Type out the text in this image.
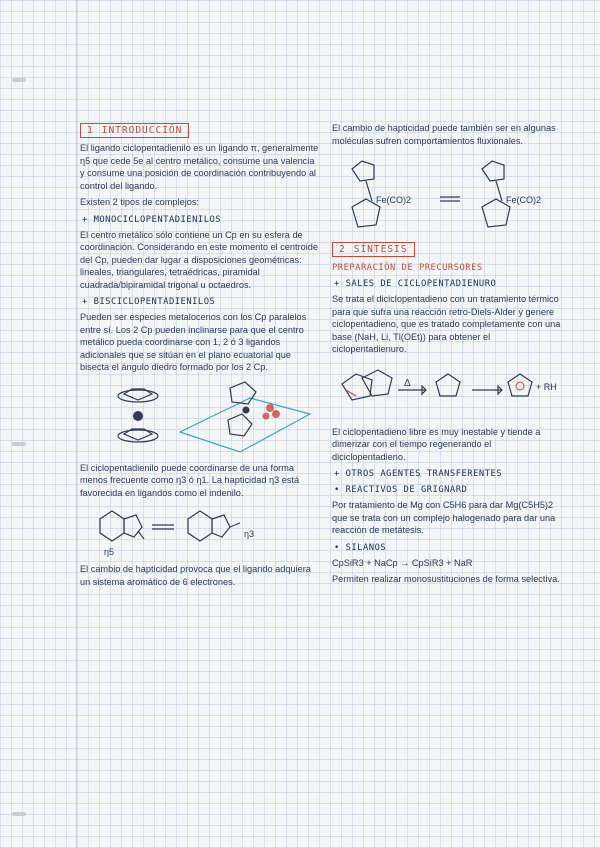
1 INTRODUCCIÓN
El ligando ciclopentadienilo es un ligando π, generalmente η5 que cede 5e al centro metálico, consume una valencia y consume una posición de coordinación contribuyendo al control del ligando.
Existen 2 tipos de complejos:
+ MONOCICLOPENTADIENILOS
El centro metálico sólo contiene un Cp en su esfera de coordinación. Considerando en este momento el centroide del Cp, pueden dar lugar a disposiciones geométricas: lineales, triangulares, tetraédricas, piramidal cuadrada/bipiramidal trigonal u octaedros.
+ BISCICLOPENTADIENILOS
Pueden ser especies metalocenos con los Cp paralelos entre sí. Los 2 Cp pueden inclinarse para que el centro metálico pueda coordinarse con 1, 2 ó 3 ligandos adicionales que se sitúan en el plano ecuatorial que bisecta el ángulo diedro formado por los 2 Cp.
El ciclopentadienilo puede coordinarse de una forma menos frecuente como η3 ó η1. La hapticidad η3 está favorecida en ligandos como el indenilo.
η5
η3
El cambio de hapticidad provoca que el ligando adquiera un sistema aromático de 6 electrones.
El cambio de hapticidad puede también ser en algunas moléculas sufren comportamientos fluxionales.
Fe(CO)2	Fe(CO)2
2 SÍNTESIS
PREPARACIÓN DE PRECURSORES
+ SALES DE CICLOPENTADIENURO
Se trata el diciclopentadieno con un tratamiento térmico para que sufra una reacción retro-Diels-Alder y genere ciclopentadieno, que es tratado completamente con una base (NaH, Li, Tl(OEt)) para obtener el ciclopentadienuro.
Δ	+ RH
El ciclopentadieno libre es muy inestable y tiende a dimerizar con el tiempo regenerando el diciclopentadieno.
+ OTROS AGENTES TRANSFERENTES
• REACTIVOS DE GRIGNARD
Por tratamiento de Mg con C5H6 para dar Mg(C5H5)2 que se trata con un complejo halogenado para dar una reacción de metátesis.
• SILANOS
CpSiR3 + NaCp → CpSiR3 + NaR
Permiten realizar monosustituciones de forma selectiva.
